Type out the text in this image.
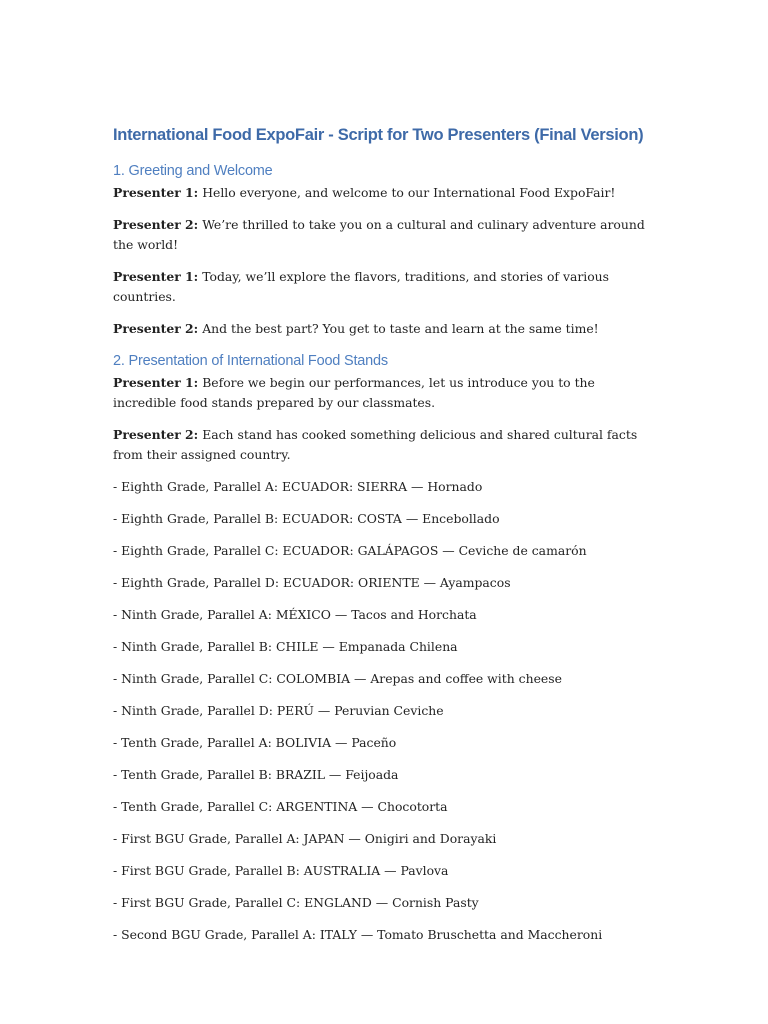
International Food ExpoFair - Script for Two Presenters (Final Version)
1. Greeting and Welcome

Presenter 1: Hello everyone, and welcome to our International Food ExpoFair!

Presenter 2: We’re thrilled to take you on a cultural and culinary adventure around the world!

Presenter 1: Today, we’ll explore the flavors, traditions, and stories of various countries.

Presenter 2: And the best part? You get to taste and learn at the same time!

2. Presentation of International Food Stands

Presenter 1: Before we begin our performances, let us introduce you to the incredible food stands prepared by our classmates.

Presenter 2: Each stand has cooked something delicious and shared cultural facts from their assigned country.

- Eighth Grade, Parallel A: ECUADOR: SIERRA — Hornado

- Eighth Grade, Parallel B: ECUADOR: COSTA — Encebollado

- Eighth Grade, Parallel C: ECUADOR: GALÁPAGOS — Ceviche de camarón

- Eighth Grade, Parallel D: ECUADOR: ORIENTE — Ayampacos

- Ninth Grade, Parallel A: MÉXICO — Tacos and Horchata

- Ninth Grade, Parallel B: CHILE — Empanada Chilena

- Ninth Grade, Parallel C: COLOMBIA — Arepas and coffee with cheese

- Ninth Grade, Parallel D: PERÚ — Peruvian Ceviche

- Tenth Grade, Parallel A: BOLIVIA — Paceño

- Tenth Grade, Parallel B: BRAZIL — Feijoada

- Tenth Grade, Parallel C: ARGENTINA — Chocotorta

- First BGU Grade, Parallel A: JAPAN — Onigiri and Dorayaki

- First BGU Grade, Parallel B: AUSTRALIA — Pavlova

- First BGU Grade, Parallel C: ENGLAND — Cornish Pasty

- Second BGU Grade, Parallel A: ITALY — Tomato Bruschetta and Maccheroni
